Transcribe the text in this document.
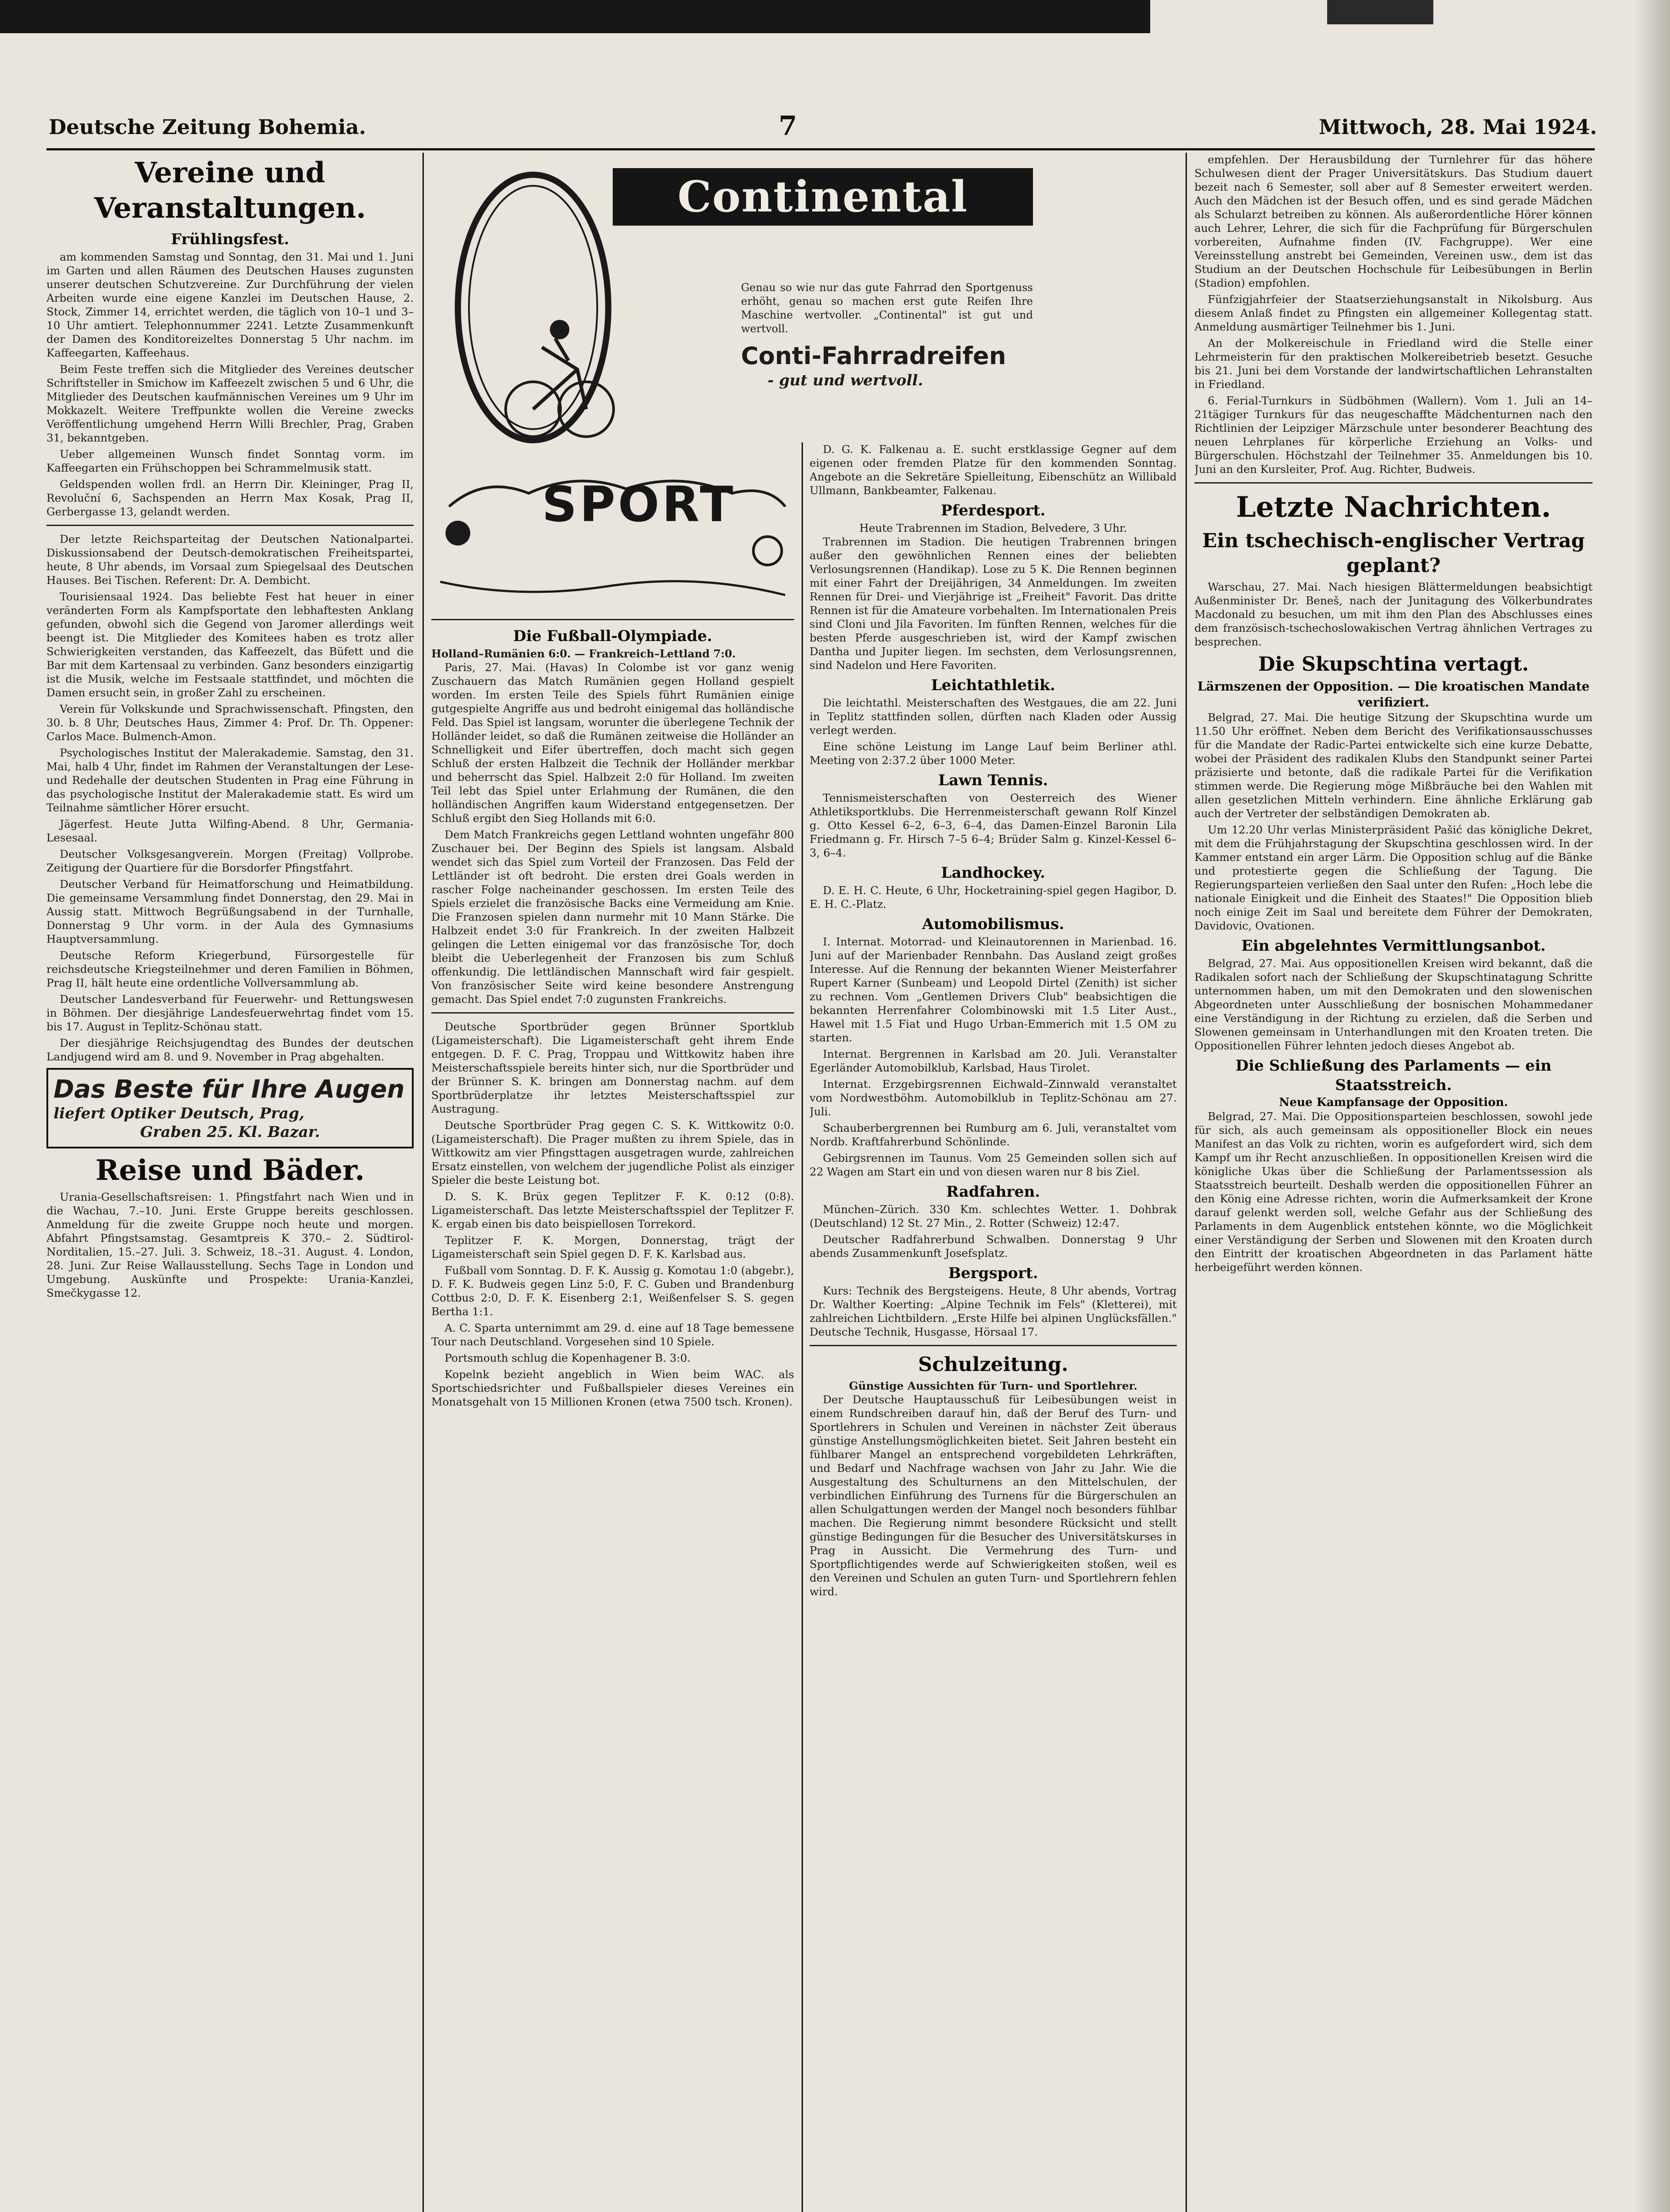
Deutsche Zeitung Bohemia.	7	Mittwoch, 28. Mai 1924.
Vereine und Veranstaltungen.
Frühlingsfest.

am kommenden Samstag und Sonntag, den 31. Mai und 1. Juni im Garten und allen Räumen des Deutschen Hauses zugunsten unserer deutschen Schutzvereine. Zur Durchführung der vielen Arbeiten wurde eine eigene Kanzlei im Deutschen Hause, 2. Stock, Zimmer 14, errichtet werden, die täglich von 10–1 und 3–10 Uhr amtiert. Telephonnummer 2241. Letzte Zusammenkunft der Damen des Konditoreizeltes Donnerstag 5 Uhr nachm. im Kaffeegarten, Kaffeehaus.

Beim Feste treffen sich die Mitglieder des Vereines deutscher Schriftsteller in Smichow im Kaffeezelt zwischen 5 und 6 Uhr, die Mitglieder des Deutschen kaufmännischen Vereines um 9 Uhr im Mokkazelt. Weitere Treffpunkte wollen die Vereine zwecks Veröffentlichung umgehend Herrn Willi Brechler, Prag, Graben 31, bekanntgeben.

Ueber allgemeinen Wunsch findet Sonntag vorm. im Kaffeegarten ein Frühschoppen bei Schrammelmusik statt.

Geldspenden wollen frdl. an Herrn Dir. Kleininger, Prag II, Revoluční 6, Sachspenden an Herrn Max Kosak, Prag II, Gerbergasse 13, gelandt werden.

Der letzte Reichsparteitag der Deutschen Nationalpartei. Diskussionsabend der Deutsch-demokratischen Freiheitspartei, heute, 8 Uhr abends, im Vorsaal zum Spiegelsaal des Deutschen Hauses. Bei Tischen. Referent: Dr. A. Dembicht.

Tourisiensaal 1924. Das beliebte Fest hat heuer in einer veränderten Form als Kampfsportate den lebhaftesten Anklang gefunden, obwohl sich die Gegend von Jaromer allerdings weit beengt ist. Die Mitglieder des Komitees haben es trotz aller Schwierigkeiten verstanden, das Kaffeezelt, das Büfett und die Bar mit dem Kartensaal zu verbinden. Ganz besonders einzigartig ist die Musik, welche im Festsaale stattfindet, und möchten die Damen ersucht sein, in großer Zahl zu erscheinen.

Verein für Volkskunde und Sprachwissenschaft. Pfingsten, den 30. b. 8 Uhr, Deutsches Haus, Zimmer 4: Prof. Dr. Th. Oppener: Carlos Mace. Bulmench-Amon.

Psychologisches Institut der Malerakademie. Samstag, den 31. Mai, halb 4 Uhr, findet im Rahmen der Veranstaltungen der Lese- und Redehalle der deutschen Studenten in Prag eine Führung in das psychologische Institut der Malerakademie statt. Es wird um Teilnahme sämtlicher Hörer ersucht.

Jägerfest. Heute Jutta Wilfing-Abend. 8 Uhr, Germania-Lesesaal.

Deutscher Volksgesangverein. Morgen (Freitag) Vollprobe. Zeitigung der Quartiere für die Borsdorfer Pfingstfahrt.

Deutscher Verband für Heimatforschung und Heimatbildung. Die gemeinsame Versammlung findet Donnerstag, den 29. Mai in Aussig statt. Mittwoch Begrüßungsabend in der Turnhalle, Donnerstag 9 Uhr vorm. in der Aula des Gymnasiums Hauptversammlung.

Deutsche Reform Kriegerbund, Fürsorgestelle für reichsdeutsche Kriegsteilnehmer und deren Familien in Böhmen, Prag II, hält heute eine ordentliche Vollversammlung ab.

Deutscher Landesverband für Feuerwehr- und Rettungswesen in Böhmen. Der diesjährige Landesfeuerwehrtag findet vom 15. bis 17. August in Teplitz-Schönau statt.

Der diesjährige Reichsjugendtag des Bundes der deutschen Landjugend wird am 8. und 9. November in Prag abgehalten.

Das Beste für Ihre Augen
liefert Optiker Deutsch, Prag,
Graben 25. Kl. Bazar.
Reise und Bäder.

Urania-Gesellschaftsreisen: 1. Pfingstfahrt nach Wien und in die Wachau, 7.–10. Juni. Erste Gruppe bereits geschlossen. Anmeldung für die zweite Gruppe noch heute und morgen. Abfahrt Pfingstsamstag. Gesamtpreis K 370.– 2. Südtirol-Norditalien, 15.–27. Juli. 3. Schweiz, 18.–31. August. 4. London, 28. Juni. Zur Reise Wallausstellung. Sechs Tage in London und Umgebung. Auskünfte und Prospekte: Urania-Kanzlei, Smečkygasse 12.

Continental
Genau so wie nur das gute Fahrrad den Sportgenuss erhöht, genau so machen erst gute Reifen Ihre Maschine wertvoller. „Continental" ist gut und wertvoll.
Conti-Fahrradreifen
- gut und wertvoll.
SPORT
Die Fußball-Olympiade.
Holland–Rumänien 6:0. — Frankreich–Lettland 7:0.

Paris, 27. Mai. (Havas) In Colombe ist vor ganz wenig Zuschauern das Match Rumänien gegen Holland gespielt worden. Im ersten Teile des Spiels führt Rumänien einige gutgespielte Angriffe aus und bedroht einigemal das holländische Feld. Das Spiel ist langsam, worunter die überlegene Technik der Holländer leidet, so daß die Rumänen zeitweise die Holländer an Schnelligkeit und Eifer übertreffen, doch macht sich gegen Schluß der ersten Halbzeit die Technik der Holländer merkbar und beherrscht das Spiel. Halbzeit 2:0 für Holland. Im zweiten Teil lebt das Spiel unter Erlahmung der Rumänen, die den holländischen Angriffen kaum Widerstand entgegensetzen. Der Schluß ergibt den Sieg Hollands mit 6:0.

Dem Match Frankreichs gegen Lettland wohnten ungefähr 800 Zuschauer bei. Der Beginn des Spiels ist langsam. Alsbald wendet sich das Spiel zum Vorteil der Franzosen. Das Feld der Lettländer ist oft bedroht. Die ersten drei Goals werden in rascher Folge nacheinander geschossen. Im ersten Teile des Spiels erzielet die französische Backs eine Vermeidung am Knie. Die Franzosen spielen dann nurmehr mit 10 Mann Stärke. Die Halbzeit endet 3:0 für Frankreich. In der zweiten Halbzeit gelingen die Letten einigemal vor das französische Tor, doch bleibt die Ueberlegenheit der Franzosen bis zum Schluß offenkundig. Die lettländischen Mannschaft wird fair gespielt. Von französischer Seite wird keine besondere Anstrengung gemacht. Das Spiel endet 7:0 zugunsten Frankreichs.

Deutsche Sportbrüder gegen Brünner Sportklub (Ligameisterschaft). Die Ligameisterschaft geht ihrem Ende entgegen. D. F. C. Prag, Troppau und Wittkowitz haben ihre Meisterschaftsspiele bereits hinter sich, nur die Sportbrüder und der Brünner S. K. bringen am Donnerstag nachm. auf dem Sportbrüderplatze ihr letztes Meisterschaftsspiel zur Austragung.

Deutsche Sportbrüder Prag gegen C. S. K. Wittkowitz 0:0. (Ligameisterschaft). Die Prager mußten zu ihrem Spiele, das in Wittkowitz am vier Pfingsttagen ausgetragen wurde, zahlreichen Ersatz einstellen, von welchem der jugendliche Polist als einziger Spieler die beste Leistung bot.

D. S. K. Brüx gegen Teplitzer F. K. 0:12 (0:8). Ligameisterschaft. Das letzte Meisterschaftsspiel der Teplitzer F. K. ergab einen bis dato beispiellosen Torrekord.

Teplitzer F. K. Morgen, Donnerstag, trägt der Ligameisterschaft sein Spiel gegen D. F. K. Karlsbad aus.

Fußball vom Sonntag. D. F. K. Aussig g. Komotau 1:0 (abgebr.), D. F. K. Budweis gegen Linz 5:0, F. C. Guben und Brandenburg Cottbus 2:0, D. F. K. Eisenberg 2:1, Weißenfelser S. S. gegen Bertha 1:1.

A. C. Sparta unternimmt am 29. d. eine auf 18 Tage bemessene Tour nach Deutschland. Vorgesehen sind 10 Spiele.

Portsmouth schlug die Kopenhagener B. 3:0.

Kopelnk bezieht angeblich in Wien beim WAC. als Sportschiedsrichter und Fußballspieler dieses Vereines ein Monatsgehalt von 15 Millionen Kronen (etwa 7500 tsch. Kronen).

D. G. K. Falkenau a. E. sucht erstklassige Gegner auf dem eigenen oder fremden Platze für den kommenden Sonntag. Angebote an die Sekretäre Spielleitung, Eibenschütz an Willibald Ullmann, Bankbeamter, Falkenau.

Pferdesport.
Heute Trabrennen im Stadion, Belvedere, 3 Uhr.

Trabrennen im Stadion. Die heutigen Trabrennen bringen außer den gewöhnlichen Rennen eines der beliebten Verlosungsrennen (Handikap). Lose zu 5 K. Die Rennen beginnen mit einer Fahrt der Dreijährigen, 34 Anmeldungen. Im zweiten Rennen für Drei- und Vierjährige ist „Freiheit" Favorit. Das dritte Rennen ist für die Amateure vorbehalten. Im Internationalen Preis sind Cloni und Jila Favoriten. Im fünften Rennen, welches für die besten Pferde ausgeschrieben ist, wird der Kampf zwischen Dantha und Jupiter liegen. Im sechsten, dem Verlosungsrennen, sind Nadelon und Here Favoriten.

Leichtathletik.

Die leichtathl. Meisterschaften des Westgaues, die am 22. Juni in Teplitz stattfinden sollen, dürften nach Kladen oder Aussig verlegt werden.

Eine schöne Leistung im Lange Lauf beim Berliner athl. Meeting von 2:37.2 über 1000 Meter.

Lawn Tennis.

Tennismeisterschaften von Oesterreich des Wiener Athletiksportklubs. Die Herrenmeisterschaft gewann Rolf Kinzel g. Otto Kessel 6–2, 6–3, 6–4, das Damen-Einzel Baronin Lila Friedmann g. Fr. Hirsch 7–5 6–4; Brüder Salm g. Kinzel-Kessel 6–3, 6–4.

Landhockey.

D. E. H. C. Heute, 6 Uhr, Hocketraining-spiel gegen Hagibor, D. E. H. C.-Platz.

Automobilismus.

I. Internat. Motorrad- und Kleinautorennen in Marienbad. 16. Juni auf der Marienbader Rennbahn. Das Ausland zeigt großes Interesse. Auf die Rennung der bekannten Wiener Meisterfahrer Rupert Karner (Sunbeam) und Leopold Dirtel (Zenith) ist sicher zu rechnen. Vom „Gentlemen Drivers Club" beabsichtigen die bekannten Herrenfahrer Colombinowski mit 1.5 Liter Aust., Hawel mit 1.5 Fiat und Hugo Urban-Emmerich mit 1.5 OM zu starten.

Internat. Bergrennen in Karlsbad am 20. Juli. Veranstalter Egerländer Automobilklub, Karlsbad, Haus Tirolet.

Internat. Erzgebirgsrennen Eichwald–Zinnwald veranstaltet vom Nordwestböhm. Automobilklub in Teplitz-Schönau am 27. Juli.

Schauberbergrennen bei Rumburg am 6. Juli, veranstaltet vom Nordb. Kraftfahrerbund Schönlinde.

Gebirgsrennen im Taunus. Vom 25 Gemeinden sollen sich auf 22 Wagen am Start ein und von diesen waren nur 8 bis Ziel.

Radfahren.

München–Zürich. 330 Km. schlechtes Wetter. 1. Dohbrak (Deutschland) 12 St. 27 Min., 2. Rotter (Schweiz) 12:47.

Deutscher Radfahrerbund Schwalben. Donnerstag 9 Uhr abends Zusammenkunft Josefsplatz.

Bergsport.

Kurs: Technik des Bergsteigens. Heute, 8 Uhr abends, Vortrag Dr. Walther Koerting: „Alpine Technik im Fels" (Kletterei), mit zahlreichen Lichtbildern. „Erste Hilfe bei alpinen Unglücksfällen." Deutsche Technik, Husgasse, Hörsaal 17.

Schulzeitung.
Günstige Aussichten für Turn- und Sportlehrer.

Der Deutsche Hauptausschuß für Leibesübungen weist in einem Rundschreiben darauf hin, daß der Beruf des Turn- und Sportlehrers in Schulen und Vereinen in nächster Zeit überaus günstige Anstellungsmöglichkeiten bietet. Seit Jahren besteht ein fühlbarer Mangel an entsprechend vorgebildeten Lehrkräften, und Bedarf und Nachfrage wachsen von Jahr zu Jahr. Wie die Ausgestaltung des Schulturnens an den Mittelschulen, der verbindlichen Einführung des Turnens für die Bürgerschulen an allen Schulgattungen werden der Mangel noch besonders fühlbar machen. Die Regierung nimmt besondere Rücksicht und stellt günstige Bedingungen für die Besucher des Universitätskurses in Prag in Aussicht. Die Vermehrung des Turn- und Sportpflichtigendes werde auf Schwierigkeiten stoßen, weil es den Vereinen und Schulen an guten Turn- und Sportlehrern fehlen wird.

empfehlen. Der Herausbildung der Turnlehrer für das höhere Schulwesen dient der Prager Universitätskurs. Das Studium dauert bezeit nach 6 Semester, soll aber auf 8 Semester erweitert werden. Auch den Mädchen ist der Besuch offen, und es sind gerade Mädchen als Schularzt betreiben zu können. Als außerordentliche Hörer können auch Lehrer, Lehrer, die sich für die Fachprüfung für Bürgerschulen vorbereiten, Aufnahme finden (IV. Fachgruppe). Wer eine Vereinsstellung anstrebt bei Gemeinden, Vereinen usw., dem ist das Studium an der Deutschen Hochschule für Leibesübungen in Berlin (Stadion) empfohlen.

Fünfzigjahrfeier der Staatserziehungsanstalt in Nikolsburg. Aus diesem Anlaß findet zu Pfingsten ein allgemeiner Kollegentag statt. Anmeldung ausmärtiger Teilnehmer bis 1. Juni.

An der Molkereischule in Friedland wird die Stelle einer Lehrmeisterin für den praktischen Molkereibetrieb besetzt. Gesuche bis 21. Juni bei dem Vorstande der landwirtschaftlichen Lehranstalten in Friedland.

6. Ferial-Turnkurs in Südböhmen (Wallern). Vom 1. Juli an 14–21tägiger Turnkurs für das neugeschaffte Mädchenturnen nach den Richtlinien der Leipziger Märzschule unter besonderer Beachtung des neuen Lehrplanes für körperliche Erziehung an Volks- und Bürgerschulen. Höchstzahl der Teilnehmer 35. Anmeldungen bis 10. Juni an den Kursleiter, Prof. Aug. Richter, Budweis.

Letzte Nachrichten.
Ein tschechisch-englischer Vertrag geplant?

Warschau, 27. Mai. Nach hiesigen Blättermeldungen beabsichtigt Außenminister Dr. Beneš, nach der Junitagung des Völkerbundrates Macdonald zu besuchen, um mit ihm den Plan des Abschlusses eines dem französisch-tschechoslowakischen Vertrag ähnlichen Vertrages zu besprechen.

Die Skupschtina vertagt.
Lärmszenen der Opposition. — Die kroatischen Mandate verifiziert.

Belgrad, 27. Mai. Die heutige Sitzung der Skupschtina wurde um 11.50 Uhr eröffnet. Neben dem Bericht des Verifikationsausschusses für die Mandate der Radic-Partei entwickelte sich eine kurze Debatte, wobei der Präsident des radikalen Klubs den Standpunkt seiner Partei präzisierte und betonte, daß die radikale Partei für die Verifikation stimmen werde. Die Regierung möge Mißbräuche bei den Wahlen mit allen gesetzlichen Mitteln verhindern. Eine ähnliche Erklärung gab auch der Vertreter der selbständigen Demokraten ab.

Um 12.20 Uhr verlas Ministerpräsident Pašić das königliche Dekret, mit dem die Frühjahrstagung der Skupschtina geschlossen wird. In der Kammer entstand ein arger Lärm. Die Opposition schlug auf die Bänke und protestierte gegen die Schließung der Tagung. Die Regierungsparteien verließen den Saal unter den Rufen: „Hoch lebe die nationale Einigkeit und die Einheit des Staates!" Die Opposition blieb noch einige Zeit im Saal und bereitete dem Führer der Demokraten, Davidovic, Ovationen.

Ein abgelehntes Vermittlungsanbot.

Belgrad, 27. Mai. Aus oppositionellen Kreisen wird bekannt, daß die Radikalen sofort nach der Schließung der Skupschtinatagung Schritte unternommen haben, um mit den Demokraten und den slowenischen Abgeordneten unter Ausschließung der bosnischen Mohammedaner eine Verständigung in der Richtung zu erzielen, daß die Serben und Slowenen gemeinsam in Unterhandlungen mit den Kroaten treten. Die Oppositionellen Führer lehnten jedoch dieses Angebot ab.

Die Schließung des Parlaments — ein Staatsstreich.
Neue Kampfansage der Opposition.

Belgrad, 27. Mai. Die Oppositionsparteien beschlossen, sowohl jede für sich, als auch gemeinsam als oppositioneller Block ein neues Manifest an das Volk zu richten, worin es aufgefordert wird, sich dem Kampf um ihr Recht anzuschließen. In oppositionellen Kreisen wird die königliche Ukas über die Schließung der Parlamentssession als Staatsstreich beurteilt. Deshalb werden die oppositionellen Führer an den König eine Adresse richten, worin die Aufmerksamkeit der Krone darauf gelenkt werden soll, welche Gefahr aus der Schließung des Parlaments in dem Augenblick entstehen könnte, wo die Möglichkeit einer Verständigung der Serben und Slowenen mit den Kroaten durch den Eintritt der kroatischen Abgeordneten in das Parlament hätte herbeigeführt werden können.
